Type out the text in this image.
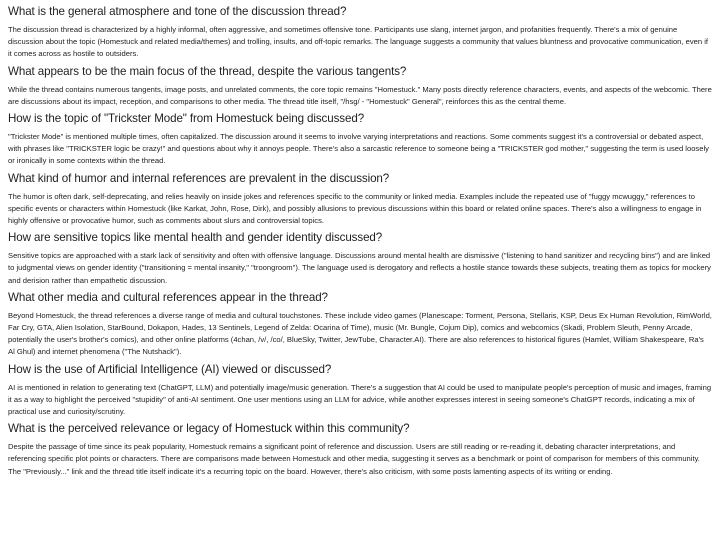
What is the general atmosphere and tone of the discussion thread?

The discussion thread is characterized by a highly informal, often aggressive, and sometimes offensive tone. Participants use slang, internet jargon, and profanities frequently. There's a mix of genuine discussion about the topic (Homestuck and related media/themes) and trolling, insults, and off-topic remarks. The language suggests a community that values bluntness and provocative communication, even if it comes across as hostile to outsiders.

What appears to be the main focus of the thread, despite the various tangents?

While the thread contains numerous tangents, image posts, and unrelated comments, the core topic remains "Homestuck." Many posts directly reference characters, events, and aspects of the webcomic. There are discussions about its impact, reception, and comparisons to other media. The thread title itself, "/hsg/ - "Homestuck" General", reinforces this as the central theme.

How is the topic of "Trickster Mode" from Homestuck being discussed?

"Trickster Mode" is mentioned multiple times, often capitalized. The discussion around it seems to involve varying interpretations and reactions. Some comments suggest it's a controversial or debated aspect, with phrases like "TRICKSTER logic be crazy!" and questions about why it annoys people. There's also a sarcastic reference to someone being a "TRICKSTER god mother," suggesting the term is used loosely or ironically in some contexts within the thread.

What kind of humor and internal references are prevalent in the discussion?

The humor is often dark, self-deprecating, and relies heavily on inside jokes and references specific to the community or linked media. Examples include the repeated use of "fuggy mcwuggy," references to specific events or characters within Homestuck (like Karkat, John, Rose, Dirk), and possibly allusions to previous discussions within this board or related online spaces. There's also a willingness to engage in highly offensive or provocative humor, such as comments about slurs and controversial topics.

How are sensitive topics like mental health and gender identity discussed?

Sensitive topics are approached with a stark lack of sensitivity and often with offensive language. Discussions around mental health are dismissive ("listening to hand sanitizer and recycling bins") and are linked to judgmental views on gender identity ("transitioning = mental insanity," "troongroom"). The language used is derogatory and reflects a hostile stance towards these subjects, treating them as topics for mockery and derision rather than empathetic discussion.

What other media and cultural references appear in the thread?

Beyond Homestuck, the thread references a diverse range of media and cultural touchstones. These include video games (Planescape: Torment, Persona, Stellaris, KSP, Deus Ex Human Revolution, RimWorld, Far Cry, GTA, Alien Isolation, StarBound, Dokapon, Hades, 13 Sentinels, Legend of Zelda: Ocarina of Time), music (Mr. Bungle, Cojum Dip), comics and webcomics (Skadi, Problem Sleuth, Penny Arcade, potentially the user's brother's comics), and other online platforms (4chan, /v/, /co/, BlueSky, Twitter, JewTube, Character.AI). There are also references to historical figures (Hamlet, William Shakespeare, Ra's Al Ghul) and internet phenomena ("The Nutshack").

How is the use of Artificial Intelligence (AI) viewed or discussed?

AI is mentioned in relation to generating text (ChatGPT, LLM) and potentially image/music generation. There's a suggestion that AI could be used to manipulate people's perception of music and images, framing it as a way to highlight the perceived "stupidity" of anti-AI sentiment. One user mentions using an LLM for advice, while another expresses interest in seeing someone's ChatGPT records, indicating a mix of practical use and curiosity/scrutiny.

What is the perceived relevance or legacy of Homestuck within this community?

Despite the passage of time since its peak popularity, Homestuck remains a significant point of reference and discussion. Users are still reading or re-reading it, debating character interpretations, and referencing specific plot points or characters. There are comparisons made between Homestuck and other media, suggesting it serves as a benchmark or point of comparison for members of this community. The "Previously..." link and the thread title itself indicate it's a recurring topic on the board. However, there's also criticism, with some posts lamenting aspects of its writing or ending.
